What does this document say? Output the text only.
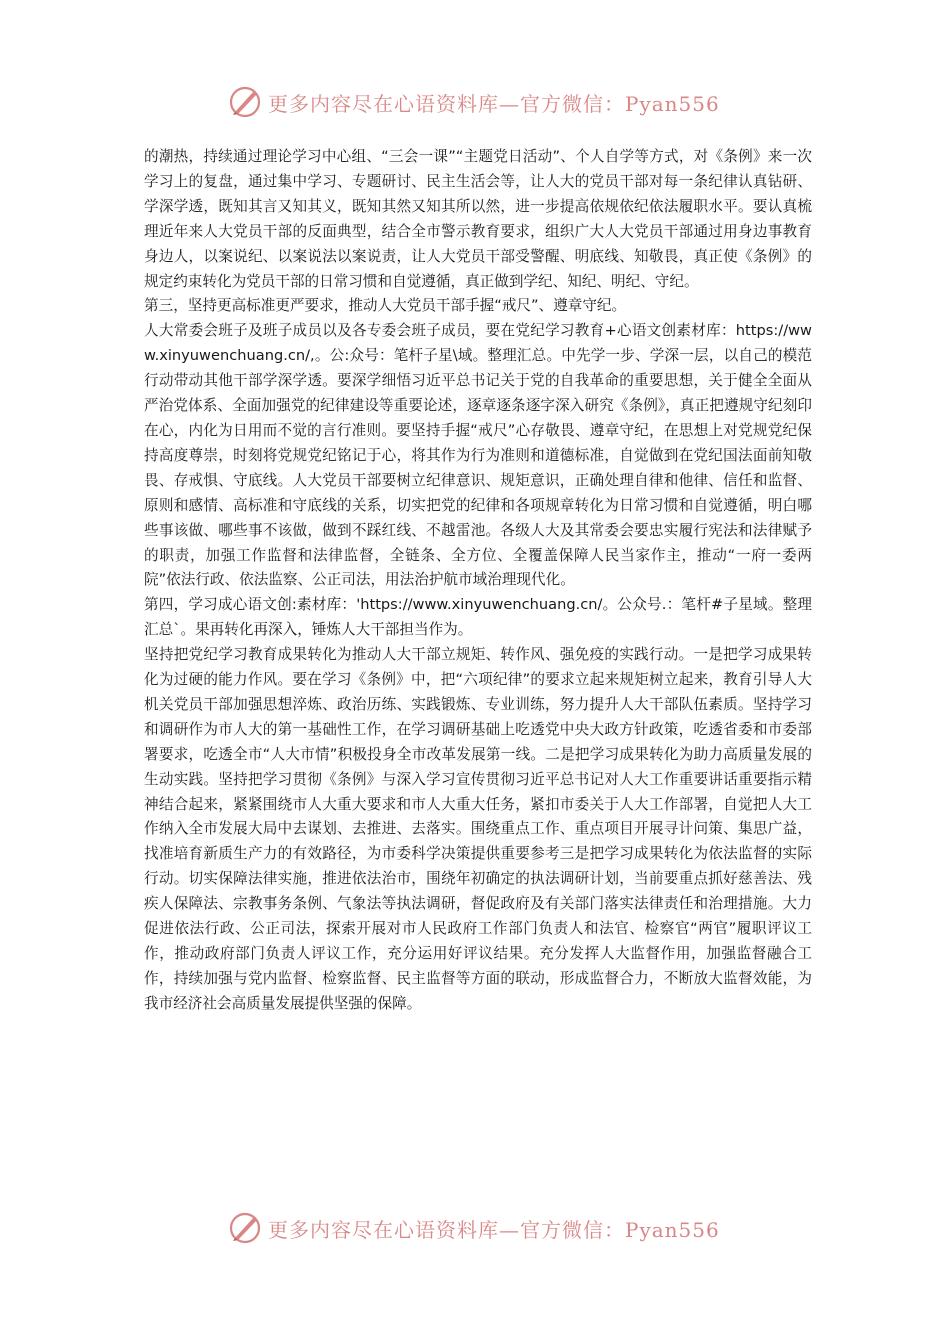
更多内容尽在心语资料库—官方微信：Pyan556

的潮热，持续通过理论学习中心组、“三会一课”“主题党日活动”、个人自学等方式，对《条例》来一次学习上的复盘，通过集中学习、专题研讨、民主生活会等，让人大的党员干部对每一条纪律认真钻研、学深学透，既知其言又知其义，既知其然又知其所以然，进一步提高依规依纪依法履职水平。要认真梳理近年来人大党员干部的反面典型，结合全市警示教育要求，组织广大人大党员干部通过用身边事教育身边人，以案说纪、以案说法以案说责，让人大党员干部受警醒、明底线、知敬畏，真正使《条例》的规定约束转化为党员干部的日常习惯和自觉遵循，真正做到学纪、知纪、明纪、守纪。

第三，坚持更高标准更严要求，推动人大党员干部手握“戒尺”、遵章守纪。

人大常委会班子及班子成员以及各专委会班子成员，要在党纪学习教育+心语文创素材库：https://www.xinyuwenchuang.cn/,。公:众号：笔杆子星\域。整理汇总。中先学一步、学深一层，以自己的模范行动带动其他干部学深学透。要深学细悟习近平总书记关于党的自我革命的重要思想，关于健全全面从严治党体系、全面加强党的纪律建设等重要论述，逐章逐条逐字深入研究《条例》，真正把遵规守纪刻印在心，内化为日用而不觉的言行准则。要坚持手握“戒尺”心存敬畏、遵章守纪，在思想上对党规党纪保持高度尊崇，时刻将党规党纪铭记于心，将其作为行为准则和道德标准，自觉做到在党纪国法面前知敬畏、存戒惧、守底线。人大党员干部要树立纪律意识、规矩意识，正确处理自律和他律、信任和监督、原则和感情、高标准和守底线的关系，切实把党的纪律和各项规章转化为日常习惯和自觉遵循，明白哪些事该做、哪些事不该做，做到不踩红线、不越雷池。各级人大及其常委会要忠实履行宪法和法律赋予的职责，加强工作监督和法律监督，全链条、全方位、全覆盖保障人民当家作主，推动“一府一委两院”依法行政、依法监察、公正司法，用法治护航市域治理现代化。

第四，学习成心语文创:素材库：'https://www.xinyuwenchuang.cn/。公众号.：笔杆#子星域。整理汇总`。果再转化再深入，锤炼人大干部担当作为。

坚持把党纪学习教育成果转化为推动人大干部立规矩、转作风、强免疫的实践行动。一是把学习成果转化为过硬的能力作风。要在学习《条例》中，把“六项纪律”的要求立起来规矩树立起来，教育引导人大机关党员干部加强思想淬炼、政治历练、实践锻炼、专业训练，努力提升人大干部队伍素质。坚持学习和调研作为市人大的第一基础性工作，在学习调研基础上吃透党中央大政方针政策，吃透省委和市委部署要求，吃透全市“人大市情”积极投身全市改革发展第一线。二是把学习成果转化为助力高质量发展的生动实践。坚持把学习贯彻《条例》与深入学习宣传贯彻习近平总书记对人大工作重要讲话重要指示精神结合起来，紧紧围绕市人大重大要求和市人大重大任务，紧扣市委关于人大工作部署，自觉把人大工作纳入全市发展大局中去谋划、去推进、去落实。围绕重点工作、重点项目开展寻计问策、集思广益，找准培育新质生产力的有效路径，为市委科学决策提供重要参考三是把学习成果转化为依法监督的实际行动。切实保障法律实施，推进依法治市，围绕年初确定的执法调研计划，当前要重点抓好慈善法、残疾人保障法、宗教事务条例、气象法等执法调研，督促政府及有关部门落实法律责任和治理措施。大力促进依法行政、公正司法，探索开展对市人民政府工作部门负责人和法官、检察官“两官”履职评议工作，推动政府部门负责人评议工作，充分运用好评议结果。充分发挥人大监督作用，加强监督融合工作，持续加强与党内监督、检察监督、民主监督等方面的联动，形成监督合力，不断放大监督效能，为我市经济社会高质量发展提供坚强的保障。

更多内容尽在心语资料库—官方微信：Pyan556
